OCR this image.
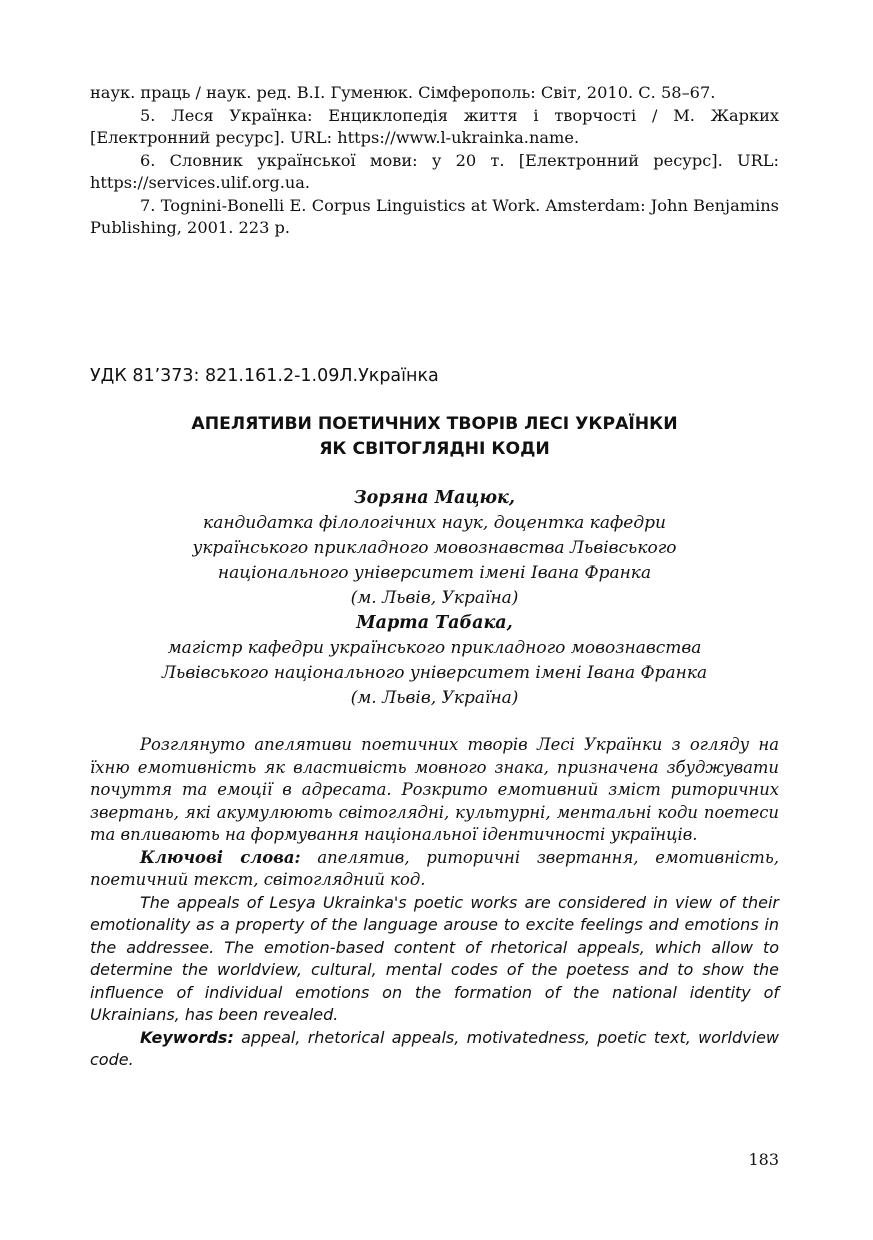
наук. праць / наук. ред. В.І. Гуменюк. Сімферополь: Світ, 2010. С. 58–67.

5. Леся Українка: Енциклопедія життя і творчості / М. Жарких [Електронний ресурс]. URL: https://www.l-ukrainka.name.

6. Словник української мови: у 20 т. [Електронний ресурс]. URL: https://services.ulif.org.ua.

7. Tognini-Bonelli E. Corpus Linguistics at Work. Amsterdam: John Benjamins Publishing, 2001. 223 p.

УДК 81’373: 821.161.2-1.09Л.Українка

АПЕЛЯТИВИ ПОЕТИЧНИХ ТВОРІВ ЛЕСІ УКРАЇНКИ
ЯК СВІТОГЛЯДНІ КОДИ

Зоряна Мацюк,

кандидатка філологічних наук, доцентка кафедри

українського прикладного мовознавства Львівського

національного університет імені Івана Франка

(м. Львів, Україна)

Марта Табака,

магістр кафедри українського прикладного мовознавства

Львівського національного університет імені Івана Франка

(м. Львів, Україна)

Розглянуто апелятиви поетичних творів Лесі Українки з огляду на їхню емотивність як властивість мовного знака, призначена збуджувати почуття та емоції в адресата. Розкрито емотивний зміст риторичних звертань, які акумулюють світоглядні, культурні, ментальні коди поетеси та впливають на формування національної ідентичності українців.

Ключові слова: апелятив, риторичні звертання, емотивність, поетичний текст, світоглядний код.

The appeals of Lesya Ukrainka's poetic works are considered in view of their emotionality as a property of the language arouse to excite feelings and emotions in the addressee. The emotion-based content of rhetorical appeals, which allow to determine the worldview, cultural, mental codes of the poetess and to show the influence of individual emotions on the formation of the national identity of Ukrainians, has been revealed.

Keywords: appeal, rhetorical appeals, motivatedness, poetic text, worldview code.

183
